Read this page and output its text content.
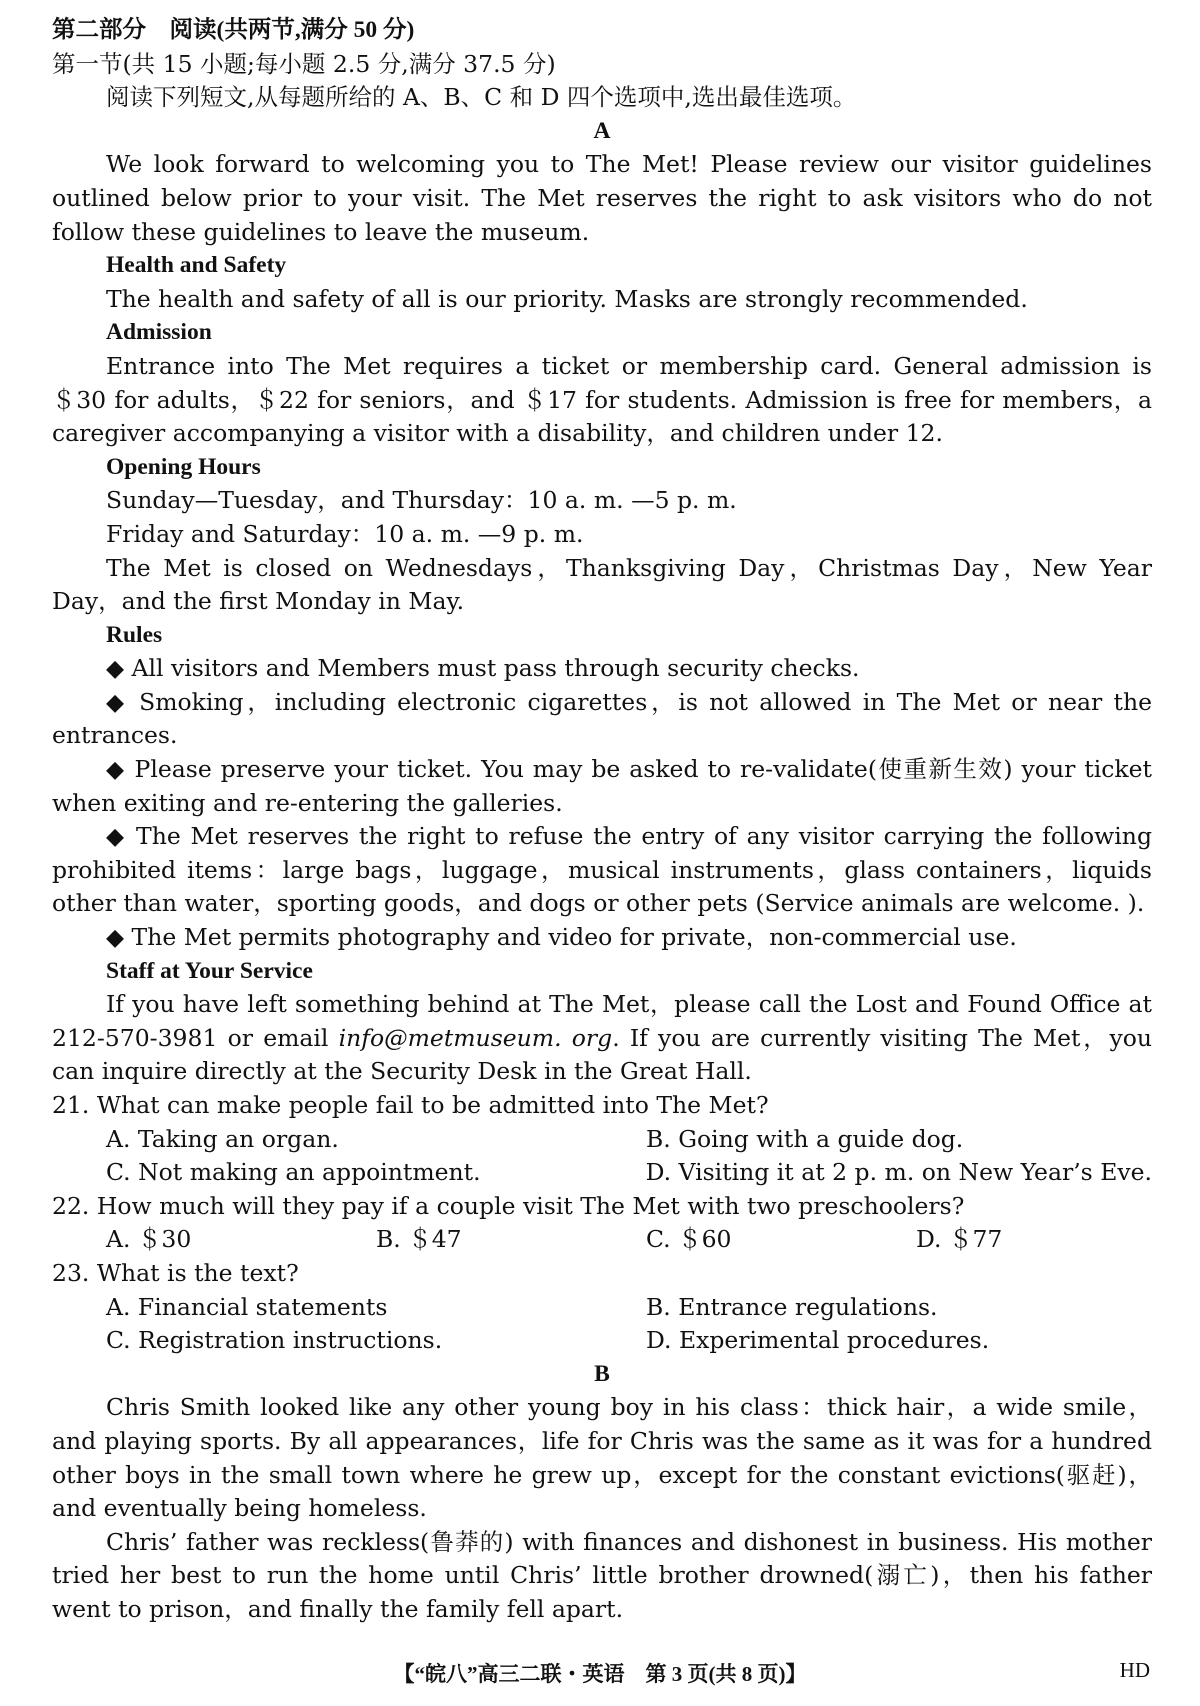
第二部分　阅读(共两节,满分 50 分)
第一节(共 15 小题;每小题 2.5 分,满分 37.5 分)
阅读下列短文,从每题所给的 A、B、C 和 D 四个选项中,选出最佳选项。
A
We look forward to welcoming you to The Met! Please review our visitor guidelines outlined below prior to your visit. The Met reserves the right to ask visitors who do not follow these guidelines to leave the museum.
Health and Safety
The health and safety of all is our priority. Masks are strongly recommended.
Admission
Entrance into The Met requires a ticket or membership card. General admission is ＄30 for adults，＄22 for seniors，and ＄17 for students. Admission is free for members，a caregiver accompanying a visitor with a disability，and children under 12.
Opening Hours
Sunday—Tuesday，and Thursday：10 a. m. —5 p. m.
Friday and Saturday：10 a. m. —9 p. m.
The Met is closed on Wednesdays，Thanksgiving Day，Christmas Day，New Year Day，and the first Monday in May.
Rules
◆ All visitors and Members must pass through security checks.
◆ Smoking，including electronic cigarettes，is not allowed in The Met or near the entrances.
◆ Please preserve your ticket. You may be asked to re-validate(使重新生效) your ticket when exiting and re-entering the galleries.
◆ The Met reserves the right to refuse the entry of any visitor carrying the following prohibited items：large bags，luggage，musical instruments，glass containers，liquids other than water，sporting goods，and dogs or other pets (Service animals are welcome. ).
◆ The Met permits photography and video for private，non-commercial use.
Staff at Your Service
If you have left something behind at The Met，please call the Lost and Found Office at 212-570-3981 or email info@metmuseum. org. If you are currently visiting The Met，you can inquire directly at the Security Desk in the Great Hall.
21. What can make people fail to be admitted into The Met?
A. Taking an organ.	B. Going with a guide dog.
C. Not making an appointment.	D. Visiting it at 2 p. m. on New Year’s Eve.
22. How much will they pay if a couple visit The Met with two preschoolers?
A. ＄30	B. ＄47	C. ＄60	D. ＄77
23. What is the text?
A. Financial statements	B. Entrance regulations.
C. Registration instructions.	D. Experimental procedures.
B
Chris Smith looked like any other young boy in his class：thick hair，a wide smile，and playing sports. By all appearances，life for Chris was the same as it was for a hundred other boys in the small town where he grew up，except for the constant evictions(驱赶)，and eventually being homeless.
Chris’ father was reckless(鲁莽的) with finances and dishonest in business. His mother tried her best to run the home until Chris’ little brother drowned(溺亡)，then his father went to prison，and finally the family fell apart.
【“皖八”高三二联・英语　第 3 页(共 8 页)】	HD
